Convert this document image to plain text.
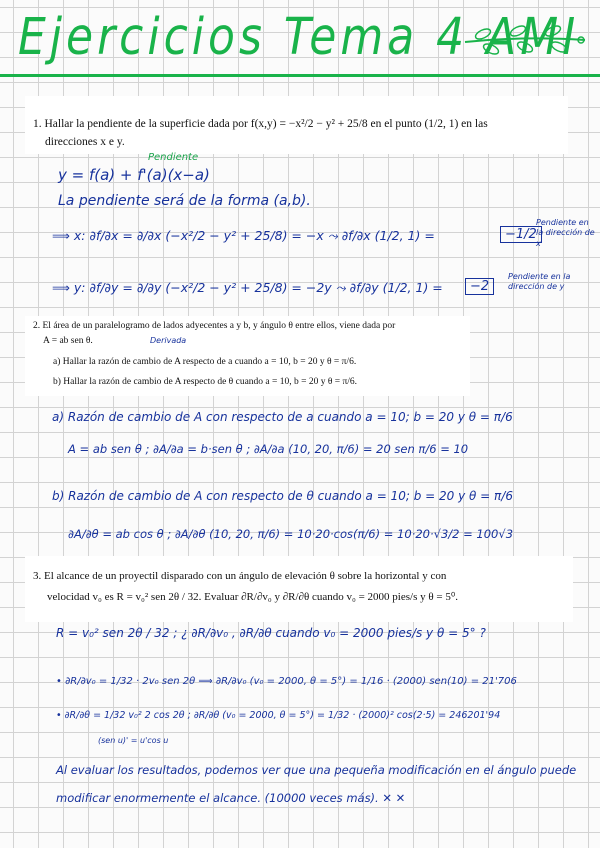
Ejercicios Tema 4 AMI
1. Hallar la pendiente de la superficie dada por f(x,y) = −x²/2 − y² + 25/8 en el punto (1/2, 1) en las
direcciones x e y.
Pendiente
y = f(a) + f'(a)(x−a)
La pendiente será de la forma (a,b).
⟹ x: ∂f/∂x = ∂/∂x (−x²/2 − y² + 25/8) = −x ⤳ ∂f/∂x (1/2, 1) =	−1/2
Pendiente en la dirección de x
⟹ y: ∂f/∂y = ∂/∂y (−x²/2 − y² + 25/8) = −2y ⤳ ∂f/∂y (1/2, 1) =	−2
Pendiente en la dirección de y
2. El área de un paralelogramo de lados adyecentes a y b, y ángulo θ entre ellos, viene dada por
A = ab sen θ.
a) Hallar la razón de cambio de A respecto de a cuando a = 10, b = 20 y θ = π/6.
b) Hallar la razón de cambio de A respecto de θ cuando a = 10, b = 20 y θ = π/6.
Derivada
a) Razón de cambio de A con respecto de a cuando a = 10; b = 20 y θ = π/6
A = ab sen θ ; ∂A/∂a = b·sen θ ; ∂A/∂a (10, 20, π/6) = 20 sen π/6 = 10
b) Razón de cambio de A con respecto de θ cuando a = 10; b = 20 y θ = π/6
∂A/∂θ = ab cos θ ; ∂A/∂θ (10, 20, π/6) = 10·20·cos(π/6) = 10·20·√3/2 = 100√3
3. El alcance de un proyectil disparado con un ángulo de elevación θ sobre la horizontal y con
velocidad v₀ es R = v₀² sen 2θ / 32. Evaluar ∂R/∂v₀ y ∂R/∂θ cuando v₀ = 2000 pies/s y θ = 5⁰.
R = v₀² sen 2θ / 32 ; ¿ ∂R/∂v₀ , ∂R/∂θ cuando v₀ = 2000 pies/s y θ = 5° ?
• ∂R/∂v₀ = 1/32 · 2v₀ sen 2θ ⟹ ∂R/∂v₀ (v₀ = 2000, θ = 5°) = 1/16 · (2000) sen(10) = 21'706
• ∂R/∂θ = 1/32 v₀² 2 cos 2θ ; ∂R/∂θ (v₀ = 2000, θ = 5°) = 1/32 · (2000)² cos(2·5) = 246201'94
(sen u)' = u'cos u
Al evaluar los resultados, podemos ver que una pequeña modificación en el ángulo puede
modificar enormemente el alcance. (10000 veces más). ✕ ✕
